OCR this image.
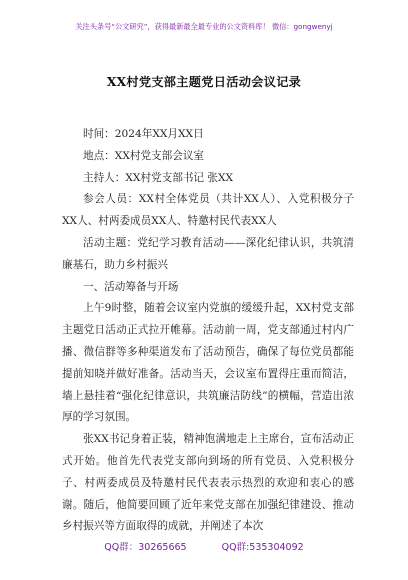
关注头条号“公文研究”，获得最新最全最专业的公文资料库！ 微信：gongwenyj
XX村党支部主题党日活动会议记录
时间：2024年XX月XX日
地点：XX村党支部会议室
主持人：XX村党支部书记 张XX
参会人员：XX村全体党员（共计XX人）、入党积极分子XX人、村两委成员XX人、特邀村民代表XX人
活动主题：党纪学习教育活动——深化纪律认识，共筑清廉基石，助力乡村振兴
一、活动筹备与开场
上午9时整，随着会议室内党旗的缓缓升起，XX村党支部主题党日活动正式拉开帷幕。活动前一周，党支部通过村内广播、微信群等多种渠道发布了活动预告，确保了每位党员都能提前知晓并做好准备。活动当天，会议室布置得庄重而简洁，墙上悬挂着“强化纪律意识，共筑廉洁防线”的横幅，营造出浓厚的学习氛围。
张XX书记身着正装，精神饱满地走上主席台，宣布活动正式开始。他首先代表党支部向到场的所有党员、入党积极分子、村两委成员及特邀村民代表表示热烈的欢迎和衷心的感谢。随后，他简要回顾了近年来党支部在加强纪律建设、推动乡村振兴等方面取得的成就，并阐述了本次
QQ群：30265665	QQ群:535304092
